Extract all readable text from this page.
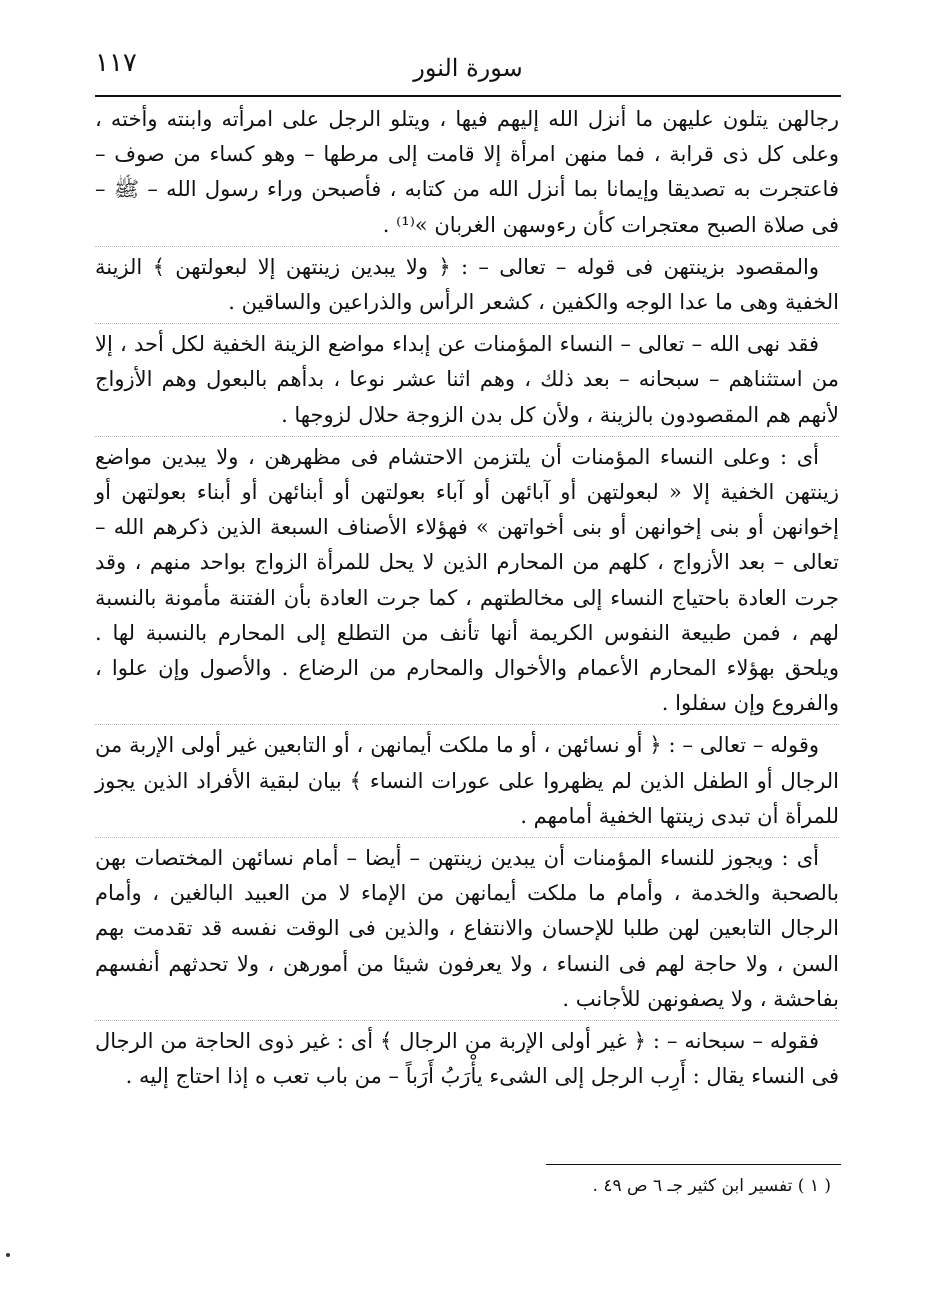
١١٧	سورة النور

رجالهن يتلون عليهن ما أنزل الله إليهم فيها ، ويتلو الرجل على امرأته وابنته وأخته ، وعلى كل ذى قرابة ، فما منهن امرأة إلا قامت إلى مرطها – وهو كساء من صوف – فاعتجرت به تصديقا وإيمانا بما أنزل الله من كتابه ، فأصبحن وراء رسول الله – ﷺ – فى صلاة الصبح معتجرات كأن رءوسهن الغربان »⁽¹⁾ .

والمقصود بزينتهن فى قوله – تعالى – : ﴿ ولا يبدين زينتهن إلا لبعولتهن ﴾ الزينة الخفية وهى ما عدا الوجه والكفين ، كشعر الرأس والذراعين والساقين .

فقد نهى الله – تعالى – النساء المؤمنات عن إبداء مواضع الزينة الخفية لكل أحد ، إلا من استثناهم – سبحانه – بعد ذلك ، وهم اثنا عشر نوعا ، بدأهم بالبعول وهم الأزواج لأنهم هم المقصودون بالزينة ، ولأن كل بدن الزوجة حلال لزوجها .

أى : وعلى النساء المؤمنات أن يلتزمن الاحتشام فى مظهرهن ، ولا يبدين مواضع زينتهن الخفية إلا « لبعولتهن أو آبائهن أو آباء بعولتهن أو أبنائهن أو أبناء بعولتهن أو إخوانهن أو بنى إخوانهن أو بنى أخواتهن » فهؤلاء الأصناف السبعة الذين ذكرهم الله – تعالى – بعد الأزواج ، كلهم من المحارم الذين لا يحل للمرأة الزواج بواحد منهم ، وقد جرت العادة باحتياج النساء إلى مخالطتهم ، كما جرت العادة بأن الفتنة مأمونة بالنسبة لهم ، فمن طبيعة النفوس الكريمة أنها تأنف من التطلع إلى المحارم بالنسبة لها . ويلحق بهؤلاء المحارم الأعمام والأخوال والمحارم من الرضاع . والأصول وإن علوا ، والفروع وإن سفلوا .

وقوله – تعالى – : ﴿ أو نسائهن ، أو ما ملكت أيمانهن ، أو التابعين غير أولى الإربة من الرجال أو الطفل الذين لم يظهروا على عورات النساء ﴾ بيان لبقية الأفراد الذين يجوز للمرأة أن تبدى زينتها الخفية أمامهم .

أى : ويجوز للنساء المؤمنات أن يبدين زينتهن – أيضا – أمام نسائهن المختصات بهن بالصحبة والخدمة ، وأمام ما ملكت أيمانهن من الإماء لا من العبيد البالغين ، وأمام الرجال التابعين لهن طلبا للإحسان والانتفاع ، والذين فى الوقت نفسه قد تقدمت بهم السن ، ولا حاجة لهم فى النساء ، ولا يعرفون شيئا من أمورهن ، ولا تحدثهم أنفسهم بفاحشة ، ولا يصفونهن للأجانب .

فقوله – سبحانه – : ﴿ غير أولى الإربة من الرجال ﴾ أى : غير ذوى الحاجة من الرجال فى النساء يقال : أَرِب الرجل إلى الشىء يأْرَبُ أَرَباً – من باب تعب ه إذا احتاج إليه .

( ١ ) تفسير ابن كثير جـ ٦ ص ٤٩ .
